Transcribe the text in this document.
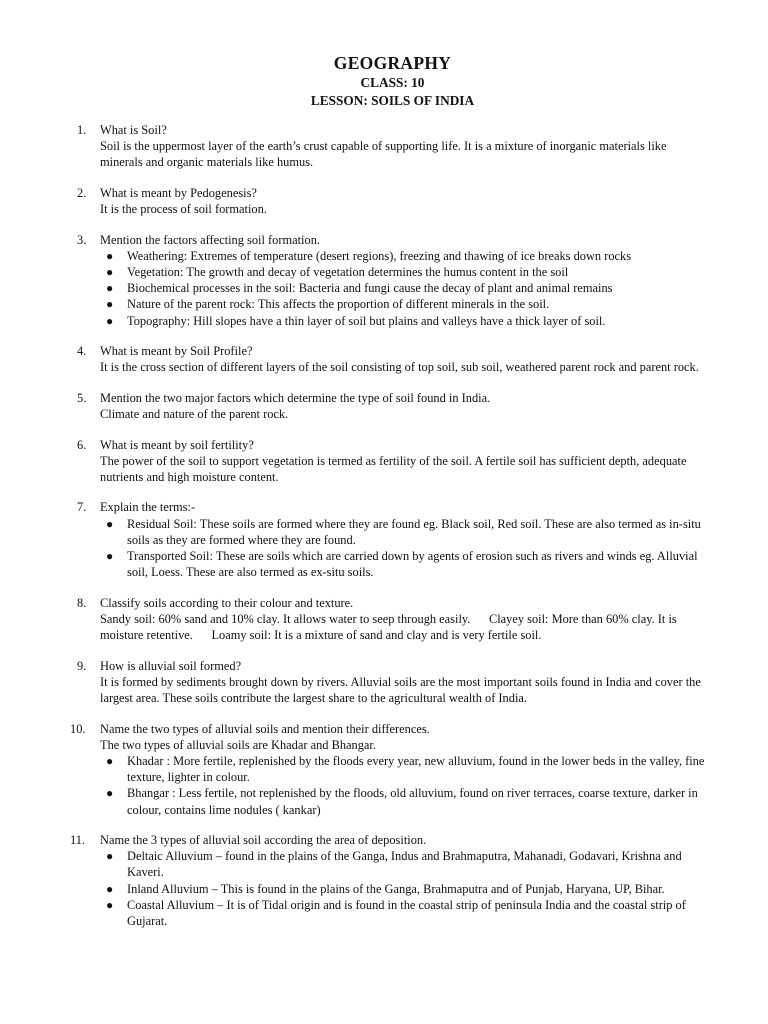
GEOGRAPHY
CLASS: 10
LESSON: SOILS OF INDIA
1. What is Soil?
Soil is the uppermost layer of the earth’s crust capable of supporting life. It is a mixture of inorganic materials like minerals and organic materials like humus.
2. What is meant by Pedogenesis?
It is the process of soil formation.
3. Mention the factors affecting soil formation.
● Weathering: Extremes of temperature (desert regions), freezing and thawing of ice breaks down rocks
● Vegetation: The growth and decay of vegetation determines the humus content in the soil
● Biochemical processes in the soil: Bacteria and fungi cause the decay of plant and animal remains
● Nature of the parent rock: This affects the proportion of different minerals in the soil.
● Topography: Hill slopes have a thin layer of soil but plains and valleys have a thick layer of soil.
4. What is meant by Soil Profile?
It is the cross section of different layers of the soil consisting of top soil, sub soil, weathered parent rock and parent rock.
5. Mention the two major factors which determine the type of soil found in India.
Climate and nature of the parent rock.
6. What is meant by soil fertility?
The power of the soil to support vegetation is termed as fertility of the soil. A fertile soil has sufficient depth, adequate nutrients and high moisture content.
7. Explain the terms:-
● Residual Soil: These soils are formed where they are found eg. Black soil, Red soil. These are also termed as in-situ soils as they are formed where they are found.
● Transported Soil: These are soils which are carried down by agents of erosion such as rivers and winds eg. Alluvial soil, Loess. These are also termed as ex-situ soils.
8. Classify soils according to their colour and texture.
Sandy soil: 60% sand and 10% clay. It allows water to seep through easily.      Clayey soil: More than 60% clay. It is moisture retentive.      Loamy soil: It is a mixture of sand and clay and is very fertile soil.
9. How is alluvial soil formed?
It is formed by sediments brought down by rivers. Alluvial soils are the most important soils found in India and cover the largest area. These soils contribute the largest share to the agricultural wealth of India.
10. Name the two types of alluvial soils and mention their differences.
The two types of alluvial soils are Khadar and Bhangar.
● Khadar : More fertile, replenished by the floods every year, new alluvium, found in the lower beds in the valley, fine texture, lighter in colour.
● Bhangar : Less fertile, not replenished by the floods, old alluvium, found on river terraces, coarse texture, darker in colour, contains lime nodules ( kankar)
11. Name the 3 types of alluvial soil according the area of deposition.
● Deltaic Alluvium – found in the plains of the Ganga, Indus and Brahmaputra, Mahanadi, Godavari, Krishna and Kaveri.
● Inland Alluvium – This is found in the plains of the Ganga, Brahmaputra and of Punjab, Haryana, UP, Bihar.
● Coastal Alluvium – It is of Tidal origin and is found in the coastal strip of peninsula India and the coastal strip of Gujarat.
